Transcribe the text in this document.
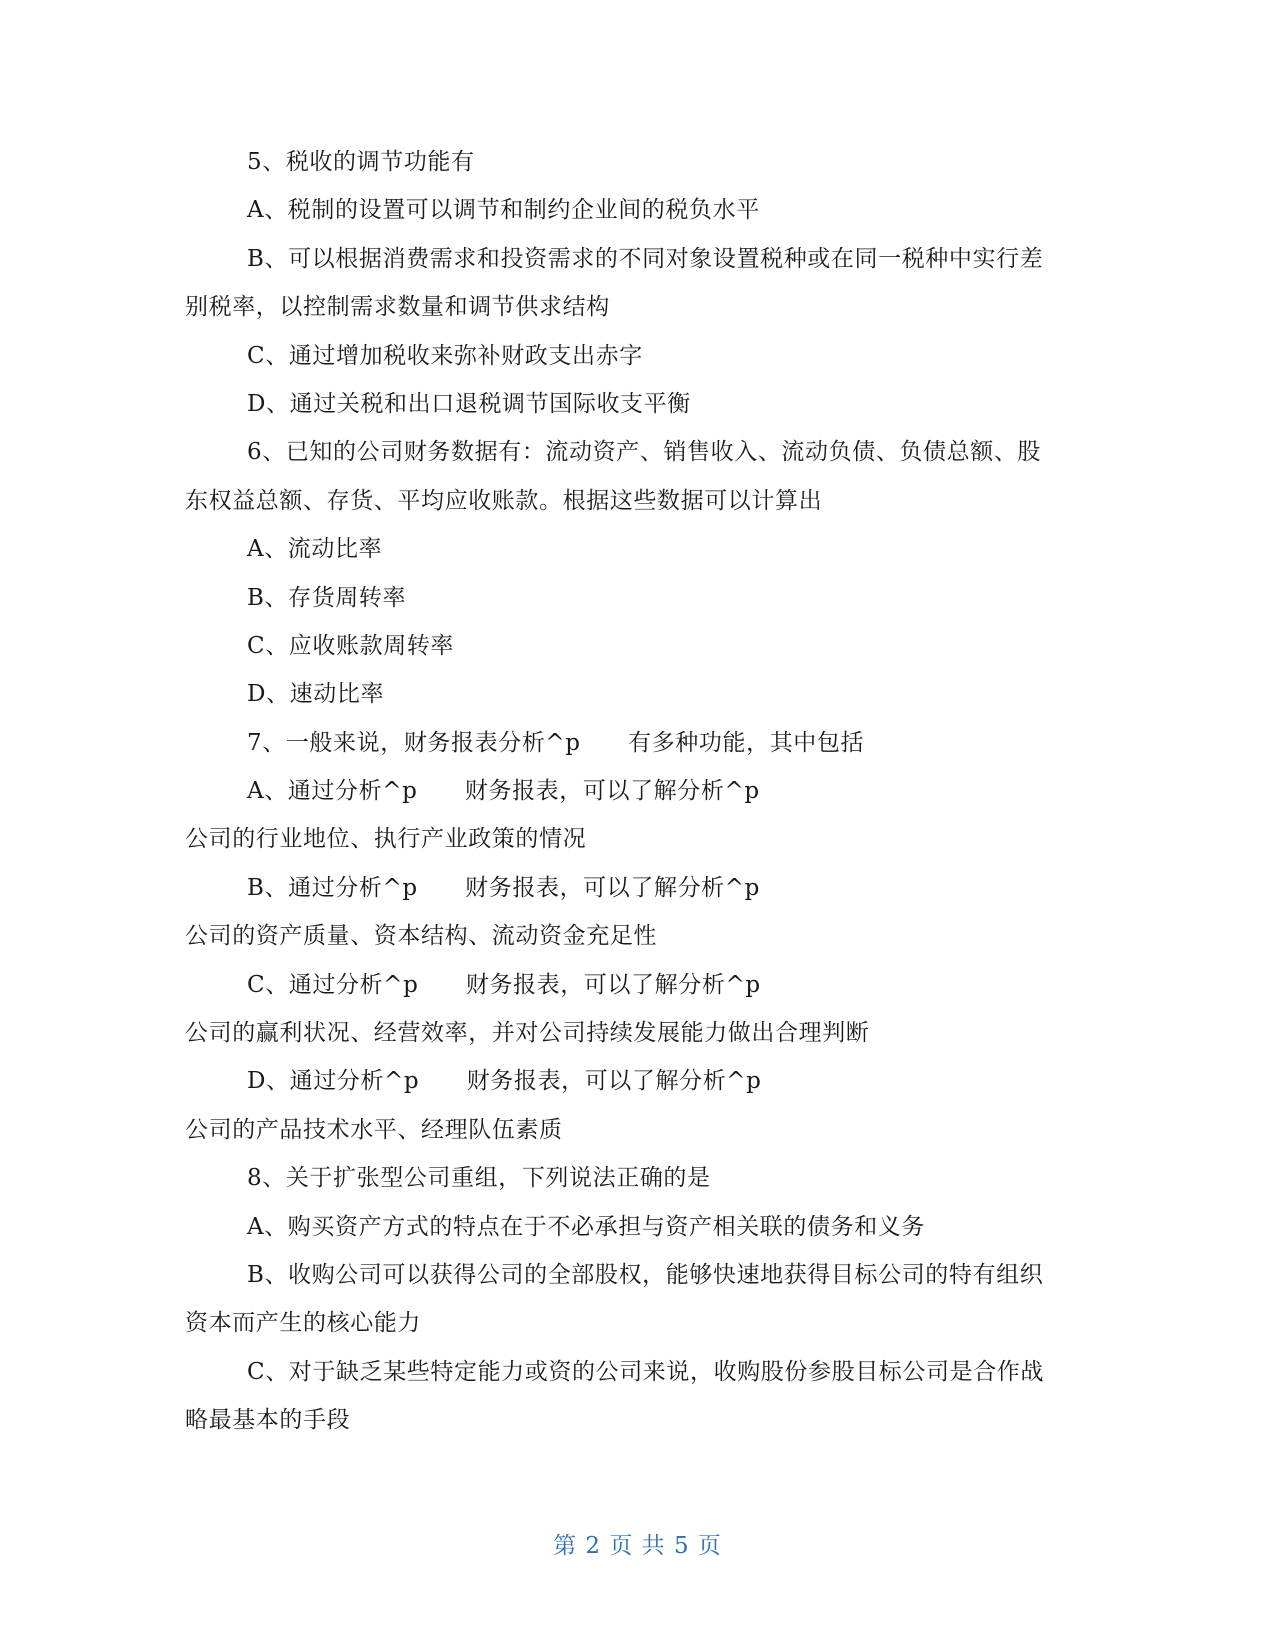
5、税收的调节功能有
A、税制的设置可以调节和制约企业间的税负水平
B、可以根据消费需求和投资需求的不同对象设置税种或在同一税种中实行差
别税率，以控制需求数量和调节供求结构
C、通过增加税收来弥补财政支出赤字
D、通过关税和出口退税调节国际收支平衡
6、已知的公司财务数据有：流动资产、销售收入、流动负债、负债总额、股
东权益总额、存货、平均应收账款。根据这些数据可以计算出
A、流动比率
B、存货周转率
C、应收账款周转率
D、速动比率
7、一般来说，财务报表分析^p      有多种功能，其中包括
A、通过分析^p      财务报表，可以了解分析^p
公司的行业地位、执行产业政策的情况
B、通过分析^p      财务报表，可以了解分析^p
公司的资产质量、资本结构、流动资金充足性
C、通过分析^p      财务报表，可以了解分析^p
公司的赢利状况、经营效率，并对公司持续发展能力做出合理判断
D、通过分析^p      财务报表，可以了解分析^p
公司的产品技术水平、经理队伍素质
8、关于扩张型公司重组，下列说法正确的是
A、购买资产方式的特点在于不必承担与资产相关联的债务和义务
B、收购公司可以获得公司的全部股权，能够快速地获得目标公司的特有组织
资本而产生的核心能力
C、对于缺乏某些特定能力或资的公司来说，收购股份参股目标公司是合作战
略最基本的手段
第 2 页 共 5 页
